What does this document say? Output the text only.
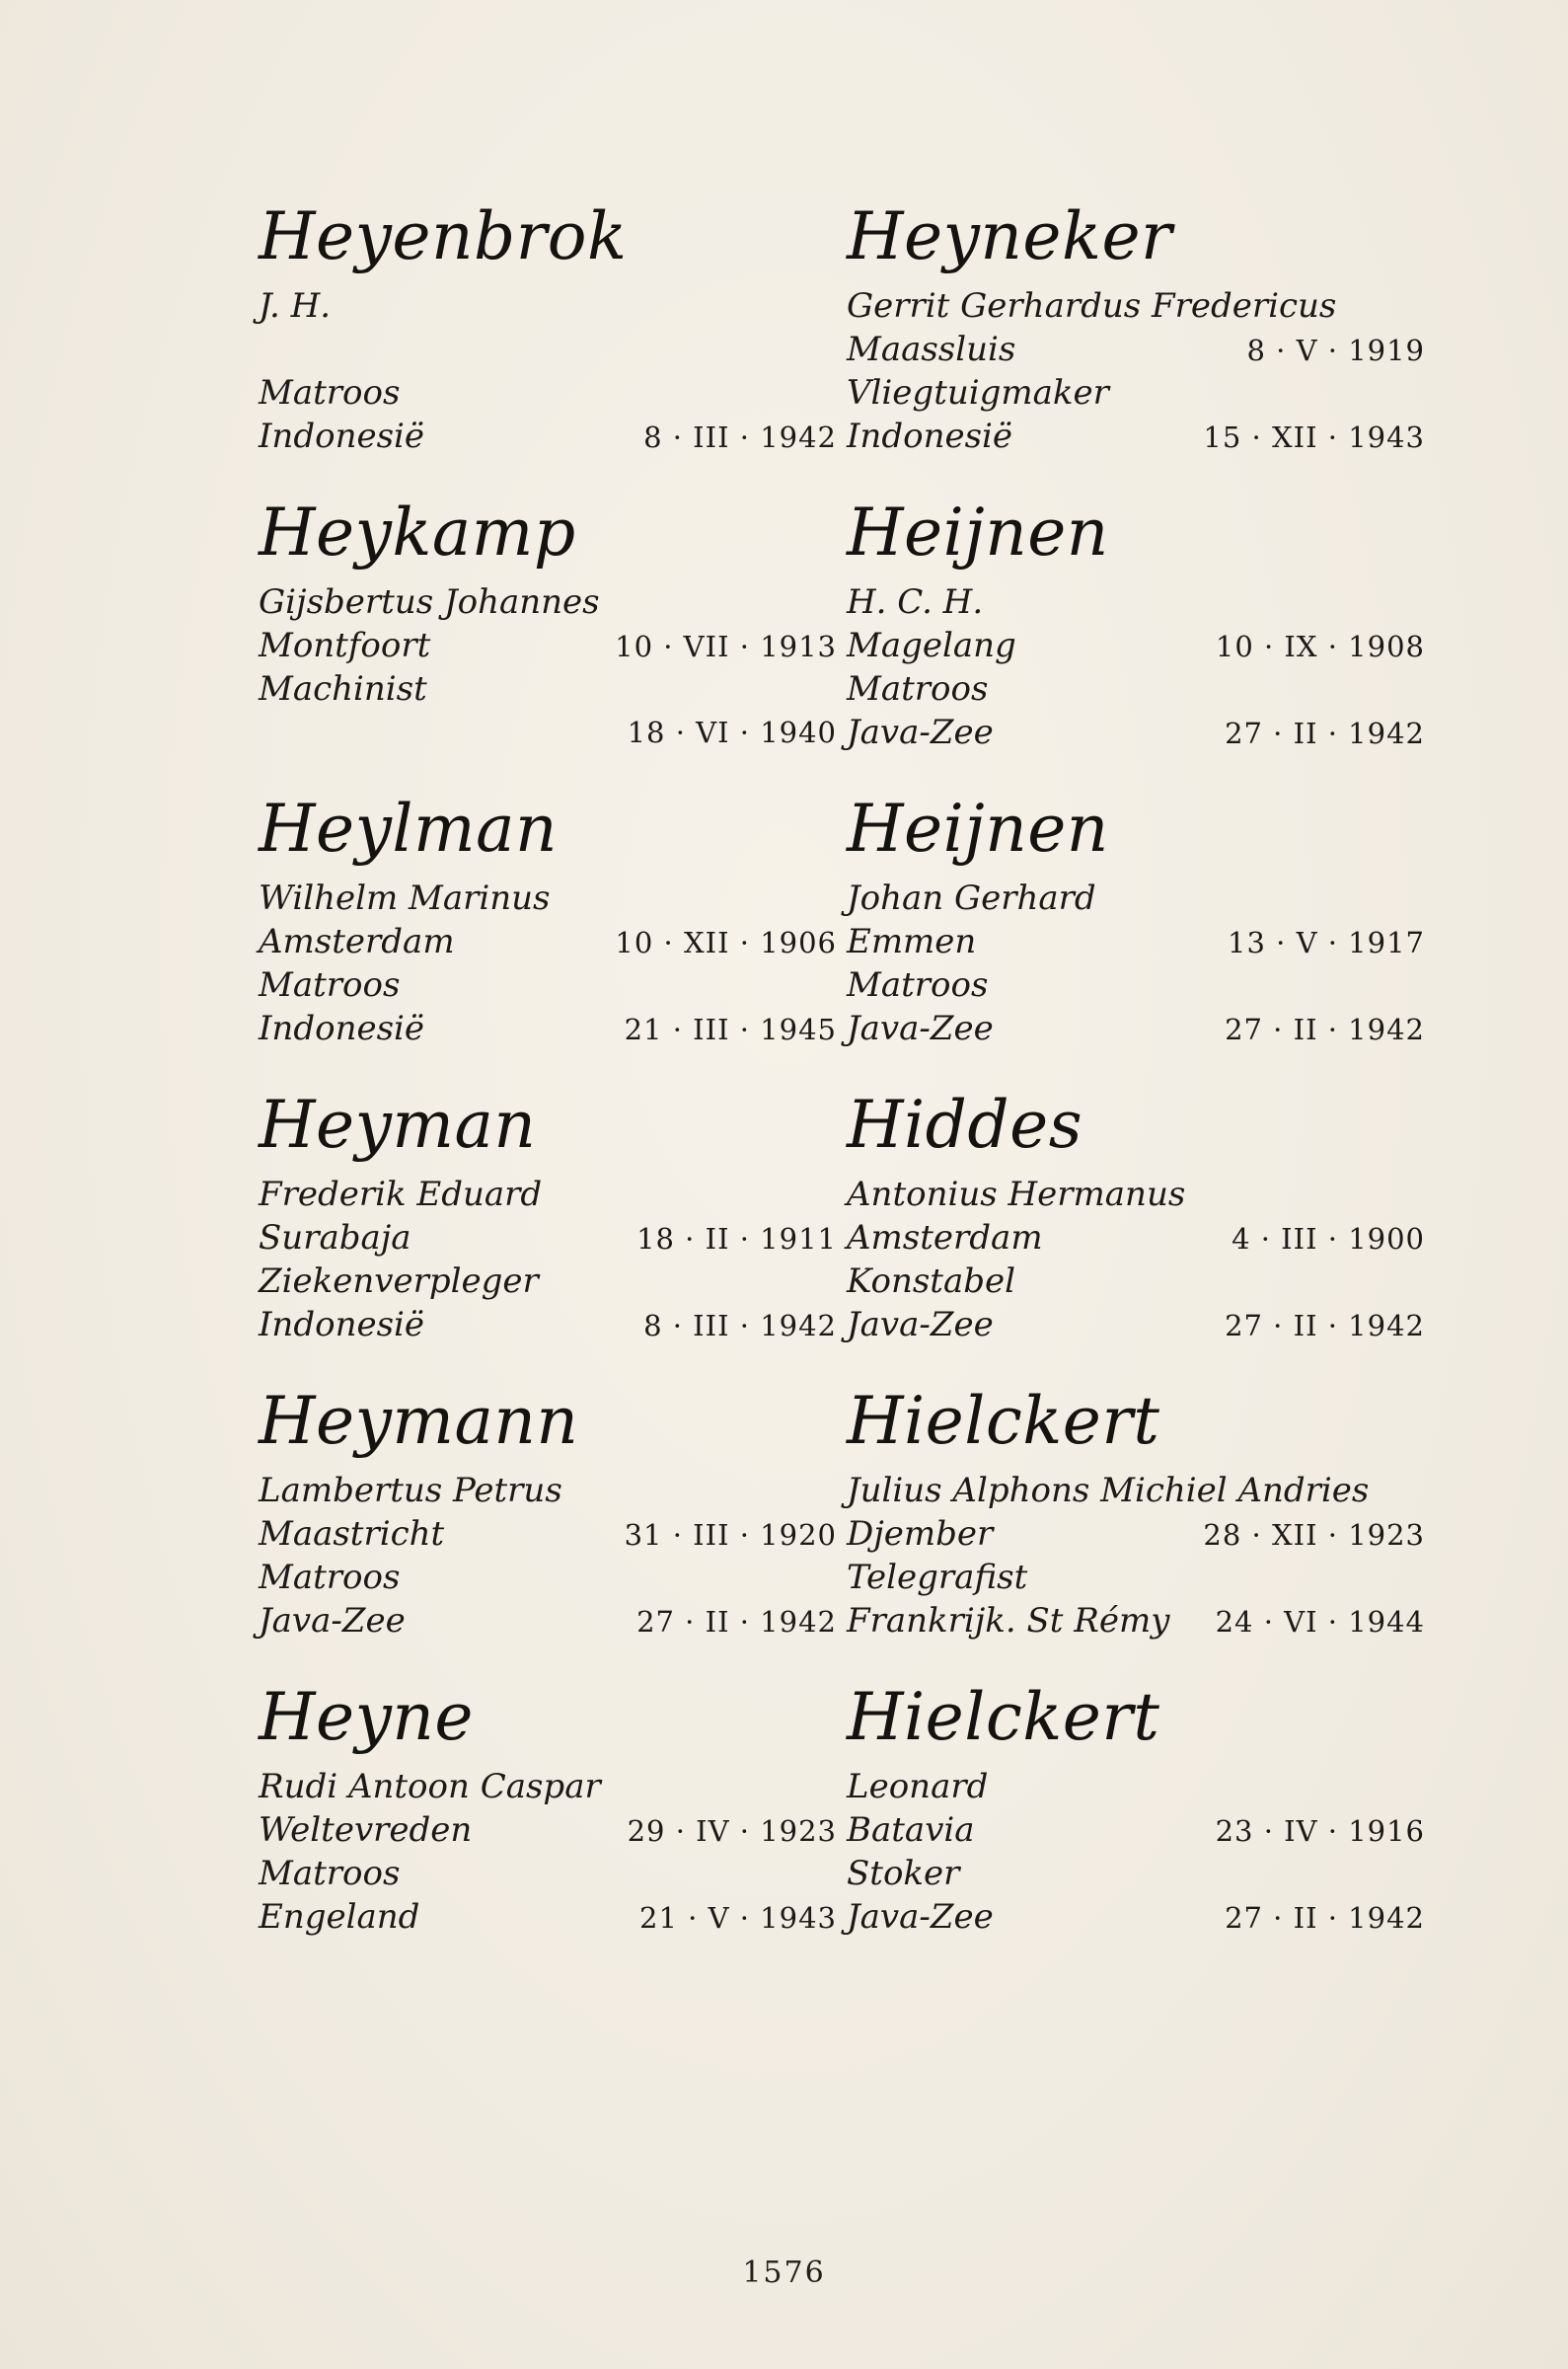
Heyenbrok
J. H.
Matroos
Indonesië	8 · III · 1942
Heykamp
Gijsbertus Johannes
Montfoort	10 · VII · 1913
Machinist
18 · VI · 1940
Heylman
Wilhelm Marinus
Amsterdam	10 · XII · 1906
Matroos
Indonesië	21 · III · 1945
Heyman
Frederik Eduard
Surabaja	18 · II · 1911
Ziekenverpleger
Indonesië	8 · III · 1942
Heymann
Lambertus Petrus
Maastricht	31 · III · 1920
Matroos
Java-Zee	27 · II · 1942
Heyne
Rudi Antoon Caspar
Weltevreden	29 · IV · 1923
Matroos
Engeland	21 · V · 1943
Heyneker
Gerrit Gerhardus Fredericus
Maassluis	8 · V · 1919
Vliegtuigmaker
Indonesië	15 · XII · 1943
Heijnen
H. C. H.
Magelang	10 · IX · 1908
Matroos
Java-Zee	27 · II · 1942
Heijnen
Johan Gerhard
Emmen	13 · V · 1917
Matroos
Java-Zee	27 · II · 1942
Hiddes
Antonius Hermanus
Amsterdam	4 · III · 1900
Konstabel
Java-Zee	27 · II · 1942
Hielckert
Julius Alphons Michiel Andries
Djember	28 · XII · 1923
Telegrafist
Frankrijk. St Rémy 24 · VI · 1944
Hielckert
Leonard
Batavia	23 · IV · 1916
Stoker
Java-Zee	27 · II · 1942
1576
